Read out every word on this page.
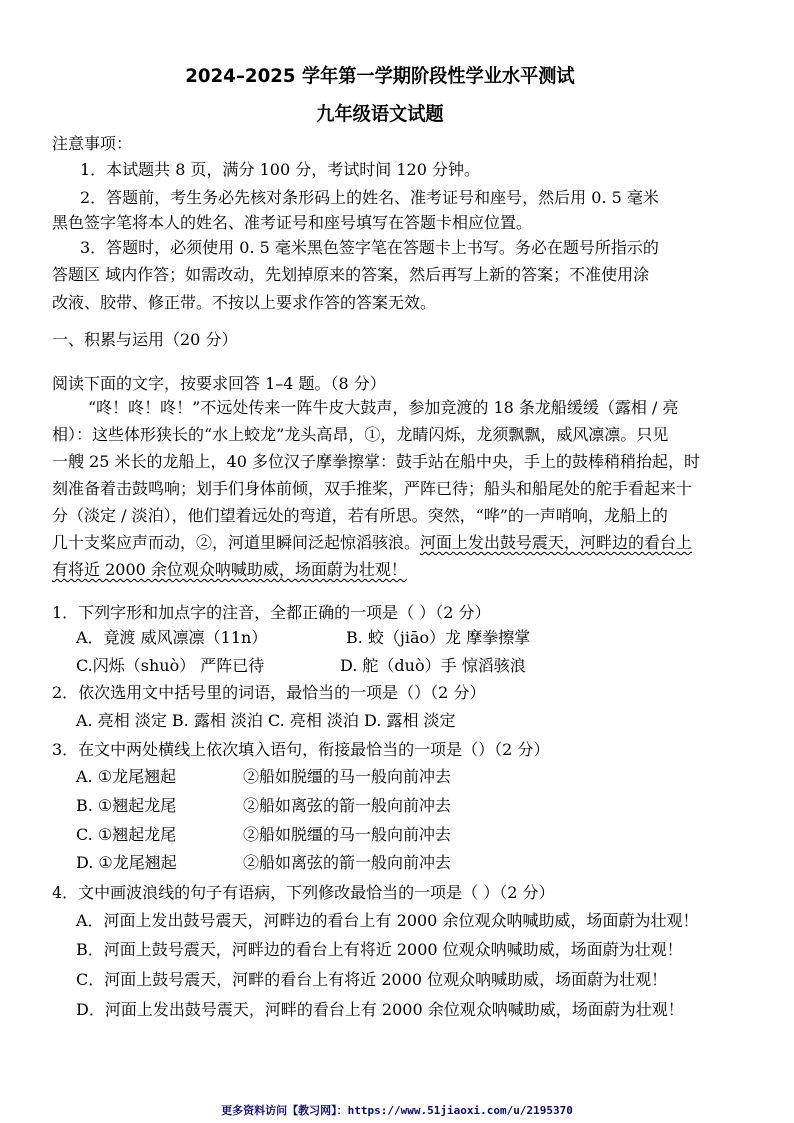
2024–2025 学年第一学期阶段性学业水平测试
九年级语文试题
注意事项：
1．本试题共 8 页，满分 100 分，考试时间 120 分钟。
2．答题前，考生务必先核对条形码上的姓名、准考证号和座号，然后用 0. 5 毫米
黑色签字笔将本人的姓名、准考证号和座号填写在答题卡相应位置。
3．答题时，必须使用 0. 5 毫米黑色签字笔在答题卡上书写。务必在题号所指示的
答题区 域内作答；如需改动，先划掉原来的答案，然后再写上新的答案；不准使用涂
改液、胶带、修正带。不按以上要求作答的答案无效。
一、积累与运用（20 分）
阅读下面的文字，按要求回答 1–4 题。（8 分）
“咚！咚！咚！”不远处传来一阵牛皮大鼓声，参加竞渡的 18 条龙船缓缓（露相 / 亮
相）：这些体形狭长的“水上蛟龙”龙头高昂，①，龙睛闪烁，龙须飘飘，威风凛凛。只见
一艘 25 米长的龙船上，40 多位汉子摩拳擦掌：鼓手站在船中央，手上的鼓棒稍稍抬起，时
刻准备着击鼓鸣响；划手们身体前倾，双手推桨，严阵已待；船头和船尾处的舵手看起来十
分（淡定 / 淡泊），他们望着远处的弯道，若有所思。突然，“哗”的一声哨响，龙船上的
几十支桨应声而动，②，河道里瞬间泛起惊滔骇浪。河面上发出鼓号震天，河畔边的看台上
有将近 2000 余位观众呐喊助威，场面蔚为壮观！
1．下列字形和加点字的注音，全都正确的一项是（ ）（2 分）
A．竟渡 威风凛凛（11n）	B. 蛟（jiāo）龙 摩拳擦掌
C.闪烁（shuò） 严阵已待	D. 舵（duò）手 惊滔骇浪
2．依次选用文中括号里的词语，最恰当的一项是（）（2 分）
A. 亮相 淡定 B. 露相 淡泊 C. 亮相 淡泊 D. 露相 淡定
3．在文中两处横线上依次填入语句，衔接最恰当的一项是（）（2 分）
A. ①龙尾翘起	②船如脱缰的马一般向前冲去
B. ①翘起龙尾	②船如离弦的箭一般向前冲去
C. ①翘起龙尾	②船如脱缰的马一般向前冲去
D. ①龙尾翘起	②船如离弦的箭一般向前冲去
4．文中画波浪线的句子有语病，下列修改最恰当的一项是（ ）（2 分）
A．河面上发出鼓号震天，河畔边的看台上有 2000 余位观众呐喊助威，场面蔚为壮观！
B．河面上鼓号震天，河畔边的看台上有将近 2000 位观众呐喊助威，场面蔚为壮观！
C．河面上鼓号震天，河畔的看台上有将近 2000 位观众呐喊助威，场面蔚为壮观！
D．河面上发出鼓号震天，河畔的看台上有 2000 余位观众呐喊助威，场面蔚为壮观！
更多资料访问【教习网】：https://www.51jiaoxi.com/u/2195370
